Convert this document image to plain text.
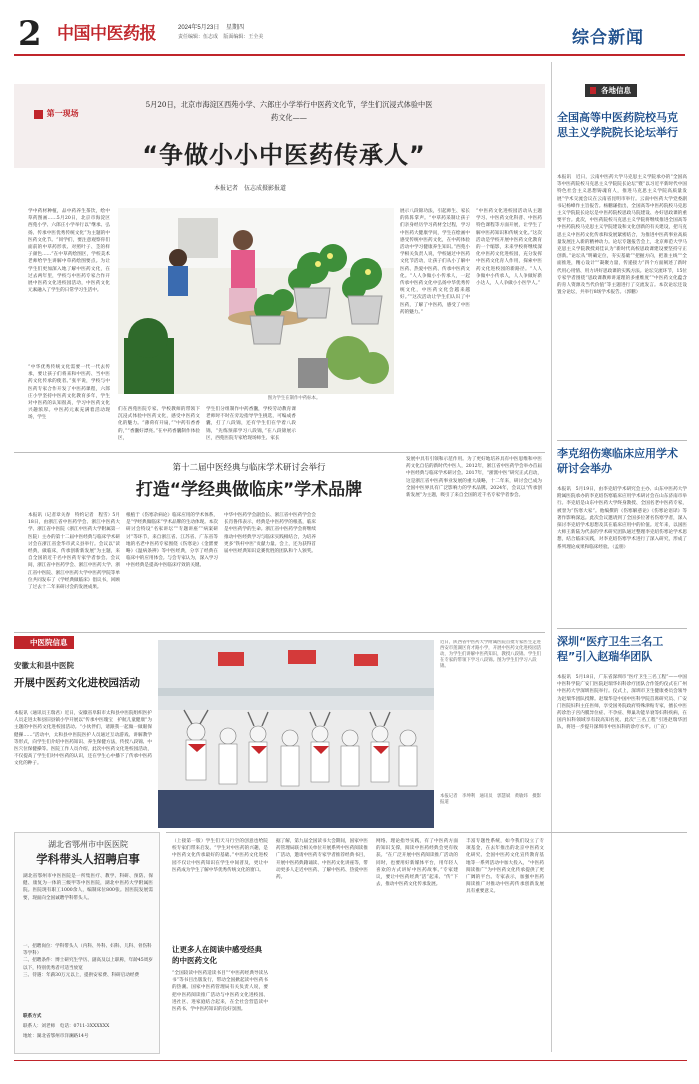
2 中国中医药报	2024年5月23日 星期四
责任编辑：伍志成 版面编辑：王全美	综合新闻
第一现场
5月20日，北京市海淀区西苑小学、六郎庄小学举行中医药文化节，学生们沉浸式体验中医药文化——
“争做小小中医药传承人”
本报记者　伍志成摄影报道
学中药材种植，品中药养生茶饮，绘中草药图画……5月20日，北京市海淀区西苑小学、六郎庄小学举行以“继承、弘扬、传承中医优秀传统文化”为主题的中医药文化节。“同学们，要注意观察你们面前的中草药形状、对照叶子、茎的样子颜色……”在中草药绘图区，学校美术老师给学生讲解中草药绘图要点。为让学生们更加深入地了解中医药文化，在过去两年里，学校与中医药专家合作开展中医药文化进校园活动，中医药文化元素融入了学生的日常学习生活中。
“中华优秀传统文化需要一代一代去传承，要让孩子们将来和中医药、当中医药文化传承的使者。”张平说，学校与中医药专家合作开发了中医药课程，六郎庄小学坚持中医药文化教育多年，学生对中医药的认知很高，学习中医药文化兴趣浓厚。中医药元素充满着活动现场，学生
图为学生在制作中药标本。
们在西苑医院专家、学校教师的带领下沉浸式体验中医药文化，感受中医药文化的魅力。“薄荷有开扇，”“中药有香香的，”“香囊好漂亮。”在中药香囊制作体验区，
学生们分组制作中药香囊，学校劳动教育课老师时不时在旁边指导学生挑选，可编成香囊，打了八段锦，还有学生们在学着八段锦，“先练预部学习八段锦，”在八段锦展示区，西苑医院专家给现场师生、家长
展示八段锦功法，引起师生、家长的阵阵掌声。“中草药采制让孩子们亲身经历学习药材全过程，学习中医药大健康学问，学生在绘画中感受传统中医药文化，在中药体验活动中学习健康养生知识。”西苑小学相关负责人说，学校通过中医药文化节活动，让孩子们从小了解中医药、热爱中医药、传承中医药文化。“人人争做小小传承人，一起传承中医药文化中弘扬中华优秀传统文化，中医药文化会越来越好。”“这次活动让学生们认识了中医药，了解了中医药，感受了中医药的魅力。”
“中医药文化进校园活动从主题学习、中医药文化科普、中医药特色课程等方面开展，让学生了解中医药知识和传统文化。”这次活动是学校开展中医药文化教育的一个缩影，未来学校将继续深化中医药文化进校园，充分发挥中医药文化育人作用，探索中医药文化进校园的新路径。“人人争做中小传承人，人人争做好新小达人，人人争做小小医学人。”
各地信息
全国高等中医药院校马克思主义学院院长论坛举行
本报讯　近日，云南中医药大学马克思主义学院承办的“全国高等中医药院校马克思主义学院院长论坛”暨“以习近平新时代中国特色社会主义思想铸魂育人，推进马克思主义学院高质量发展”学术交流会议在云南省昆明市举行。云南中医药大学党委副书记杨峰作主旨报告。杨鹏谦指出，全国高等中医药院校马克思主义学院院长论坛是中医药院校思政马院建设、办好思政课的重要平台。此次，中医药院校马克思主义学院将继续推进全国高等中医药院校马克思主义学院建设和文化创新的有关建设，把马克思主义中医药文化传承和发展紧密结合，为推进中医药事业高质量发展注入新的精神动力。论坛专题报告会上，北京师范大学马克思主义学院教授刘佳认为“新时代高校思政课建设要坚持守正创新。”论坛从“明确定位，夯实基础”“把握方向，把准主线”“全面推进，精心设计”“凝聚力量，传递接力”四个方面阐述了新时代用心用情、用力讲好思政课的实践方法。论坛交流环节，15位专家学者围绕“思政课教师讲道理的多重维度”“中医药文化蕴含的育人资源及当代价值”等主题进行了交流发言。本次论坛还设置分论坛，共举行8场学术报告。（郭鹏）
李克绍伤寒临床应用学术研讨会举办
本报讯　5月19日，由李克绍学术研究会主办、山东中医药大学附属医院承办的李克绍伤寒临床应用学术研讨会在山东济南市举行。李克绍是山东中医药大学终身教授、全国名老中医药专家，被誉为“伤寒大家”。他编撰的《伤寒解惑论》《伤寒论语译》等著作影响深远。此次会议邀请到了全国多位著名伤寒学者，深入探讨李克绍学术思想及其在临床应用中的价值。近年来，以国医大师王新陆为代表的学术研究团队通过整理李克绍伤寒论学术思想，结合临床实践，对李克绍伤寒学术进行了深入研究，形成了系列理论成果和临床经验。（孟朋）
深圳“医疗卫生三名工程”引入赵瑞华团队
本报讯　5月18日，广东省深圳市“医疗卫生三名工程”——中国中医科学院广安门医院赵瑞华妇科诊疗团队合作签约仪式在广州中医药大学深圳医院举行。仪式上，深圳市卫生健康委员会领导为赵瑞华团队授牌。赵瑞华是中国中医科学院首席研究员、广安门医院妇科主任医师，享受国务院政府特殊津贴专家，擅长中医药诊治子宫内膜异位症、不孕症、卵巢功能早衰等妇科疾病，在国内妇科领域享有较高知名度。此次“三名工程”引进赵瑞华团队，将进一步提升深圳市中医妇科的诊疗水平。（广宣）
第十二届中医经典与临床学术研讨会举行
打造“学经典做临床”学术品牌
本报讯（记者章关春　特约记者　程雪）5月18日，由浙江省中医药学会、浙江中医药大学、浙江省中医院（浙江中医药大学附属第一医院）主办的第十二届中医经典与临床学术研讨会在浙江省金华市武义县举行。会议以“读经典，做临床，传承创新新发展”为主题，来自全国的近千名中医药专家学者参会。会议间，浙江省中医药学会、浙江中医药大学、浙江省中医院、浙江中医药大学中医药学院等单位共同发布了《学经典做临床》倡议书，回顾了过去十二年来研讨会的发展成果。
根植于《伤寒杂病论》临床应用的学术体系，是“学经典做临床”学术品牌的生动体现。本次研讨会特设“名家讲坛”“专题讲座”“病案研讨”等环节，来自浙江省、江苏省、广东省等地的名老中医药专家围绕《伤寒论》《金匮要略》《温病条辨》等中医经典，分享了经典在临床中的应用体会。与会专家认为，深入学习中医经典是提高中医临床疗效的关键。
中华中医药学会副会长、浙江省中医药学会会长肖鲁伟表示，经典是中医药学的根基，临床是中医药学的生命。浙江省中医药学会将继续推动中医经典学习与临床实践相结合，为培养更多“铁杆中医”贡献力量。会上，还为获得首届中医经典知识竞赛优胜的团队和个人颁奖。
发展中具有引领和示范作用。为了更好地培养具有中医思维和中医药文化自信的新时代中医人，2012年，浙江省中医药学会举办首届中医经典与临床学术研讨会。2017年，“浙派中医”研究正式启动，这是浙江省中医药事业发展的重大战略，十二年来，研讨会已成为全国中医界具有广泛影响力的学术品牌。2024年，会议以“传承创新发展”为主题，吸引了来自全国的近千名专家学者参会。
中医院信息
安徽太和县中医院
开展中医药文化进校园活动
本报讯（通讯员王瑞君）近日，安徽省阜阳市太和县中医院组织医护人员走进太和县旧县镇小学开展以“传承中医瑰宝　护航儿童健康”为主题的中医药文化进校园活动。“小伙伴们，请跟我一起做一做眼保健操……”活动中，太和县中医院医护人员通过互动游戏、讲解教学等形式，向学生们介绍中医药知识、养生保健方法，传授八段锦、中医穴位保健操等。医院工作人员介绍，此次中医药文化进校园活动，不仅提高了学生们对中医药的认识，还在学生心中播下了传承中医药文化的种子。
近日，陕西省中医药大学附属医院首批专家医生走进西安市莲湖区育才路小学，开展中医药文化进校园活动，为学生们讲解中医药知识，教授八段锦。学生们在专家的带领下学习八段锦。图为学生们学习八段锦。
本报记者　李坤利　通讯员　郭慧斌　黄敏炜　摄影报道
湖北省鄂州市中医医院
学科带头人招聘启事
湖北省鄂州市中医医院是一所集医疗、教学、科研、预防、保健、康复为一体的三级甲等中医医院，湖北中医药大学附属医院。医院现有职工1000余人，编制床位800张。因医院发展需要，现面向全国诚聘学科带头人。
一、招聘岗位：学科带头人（内科、外科、妇科、儿科、骨伤科等学科）
二、招聘条件：博士研究生学历、副高及以上职称，年龄45周岁以下，特别优秀者可适当放宽
三、待遇：年薪30万元以上，提供安家费、科研启动经费
联系方式
联系人：刘老师　电话：0711-3XXXXXX
地址：湖北省鄂州市洋澜路14号
（上接第一版）学生们天马行空的创意也给院校专家们带来启发。“学生对中医药的兴趣，是中医药文化传承最好的基础。”中医药文化进校园不仅让中医药知识在学生中间普及，更让中医药成为学生了解中华优秀传统文化的窗口。
让更多人在阅读中感受经典的中医药文化
“全国较读中医药适读书目”“中医药经典导读丛书”等书目出版发行，带动全国掀起读中医药书的热潮。国家中医药管理局有关负责人说，要把中医药阅读推广活动与中医药文化进校园、进社区、进家庭结合起来，在全社会营造读中医药书、学中医药知识的良好氛围。
据了解，第九届全国读书大会期间，国家中医药管理局联合相关单位开展系列中医药阅读推广活动，邀请中医药专家学者推荐经典书目，开展中医药典籍诵读、中医药文化讲座等，带动更多人走近中医药、了解中医药、热爱中医药。
网络、理论指导实践，有了中医药方面的知识支撑，阅读中医药经典会更有收获。“在广泛开展中医药阅读推广活动的同时，也要用好新媒体平台，用年轻人喜欢的方式讲好中医药故事。”专家建议，要让中医药经典“活”起来、“传”下去，推动中医药文化传承发展。
丰富专题性系统，如今我们设立了专项基金，在去年推出的北京中医药文化研究、全国中医药文化宣传教育基地等一系列活动中加大投入，“中医药阅读推广”为中医药文化传承提供了更广阔的平台。专家表示，加强中医药阅读推广对推动中医药传承创新发展具有重要意义。
